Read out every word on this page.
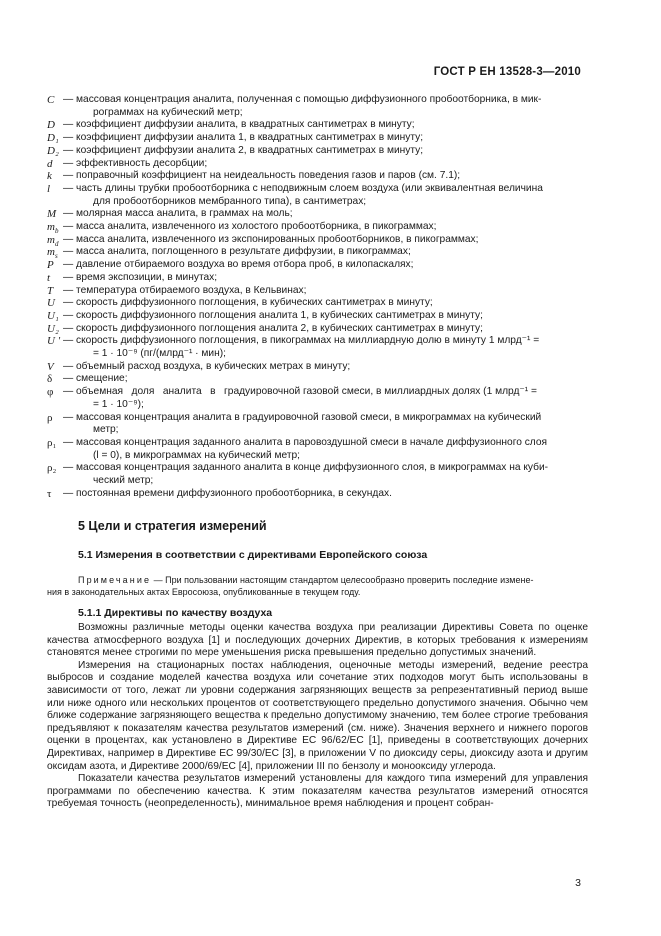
ГОСТ Р ЕН 13528-3—2010
C — массовая концентрация аналита, полученная с помощью диффузионного пробоотборника, в мик-
рограммах на кубический метр;
D — коэффициент диффузии аналита, в квадратных сантиметрах в минуту;
D₁ — коэффициент диффузии аналита 1, в квадратных сантиметрах в минуту;
D₂ — коэффициент диффузии аналита 2, в квадратных сантиметрах в минуту;
d — эффективность десорбции;
k — поправочный коэффициент на неидеальность поведения газов и паров (см. 7.1);
l — часть длины трубки пробоотборника с неподвижным слоем воздуха (или эквивалентная величина
для пробоотборников мембранного типа), в сантиметрах;
M — молярная масса аналита, в граммах на моль;
$m_b$ — масса аналита, извлеченного из холостого пробоотборника, в пикограммах;
$m_d$ — масса аналита, извлеченного из экспонированных пробоотборников, в пикограммах;
$m_s$ — масса аналита, поглощенного в результате диффузии, в пикограммах;
P — давление отбираемого воздуха во время отбора проб, в килопаскалях;
t — время экспозиции, в минутах;
T — температура отбираемого воздуха, в Кельвинах;
U — скорость диффузионного поглощения, в кубических сантиметрах в минуту;
U₁ — скорость диффузионного поглощения аналита 1, в кубических сантиметрах в минуту;
U₂ — скорость диффузионного поглощения аналита 2, в кубических сантиметрах в минуту;
U ′ — скорость диффузионного поглощения, в пикограммах на миллиардную долю в минуту 1 млрд⁻¹ =
= 1 · 10⁻⁹ (пг/(млрд⁻¹ · мин);
V — объемный расход воздуха, в кубических метрах в минуту;
δ — смещение;
φ — объемная   доля   аналита   в   градуировочной газовой смеси, в миллиардных долях (1 млрд⁻¹ =
= 1 · 10⁻⁹);
ρ — массовая концентрация аналита в градуировочной газовой смеси, в микрограммах на кубический
метр;
ρ₁ — массовая концентрация заданного аналита в паровоздушной смеси в начале диффузионного слоя
(l = 0), в микрограммах на кубический метр;
ρ₂ — массовая концентрация заданного аналита в конце диффузионного слоя, в микрограммах на куби-
ческий метр;
τ — постоянная времени диффузионного пробоотборника, в секундах.
5 Цели и стратегия измерений
5.1 Измерения в соответствии с директивами Европейского союза
Примечание — При пользовании настоящим стандартом целесообразно проверить последние измене-
ния в законодательных актах Евросоюза, опубликованные в текущем году.
5.1.1 Директивы по качеству воздуха

Возможны различные методы оценки качества воздуха при реализации Директивы Совета по оценке качества атмосферного воздуха [1] и последующих дочерних Директив, в которых требования к измерениям становятся менее строгими по мере уменьшения риска превышения предельно допустимых значений.

Измерения на стационарных постах наблюдения, оценочные методы измерений, ведение реестра выбросов и создание моделей качества воздуха или сочетание этих подходов могут быть использованы в зависимости от того, лежат ли уровни содержания загрязняющих веществ за репрезентативный период выше или ниже одного или нескольких процентов от соответствующего предельно допустимого значения. Обычно чем ближе содержание загрязняющего вещества к предельно допустимому значению, тем более строгие требования предъявляют к показателям качества результатов измерений (см. ниже). Значения верхнего и нижнего порогов оценки в процентах, как установлено в Директиве ЕС 96/62/ЕС [1], приведены в соответствующих дочерних Директивах, например в Директиве ЕС 99/30/ЕС [3], в приложении V по диоксиду серы, диоксиду азота и другим оксидам азота, и Директиве 2000/69/ЕС [4], приложении III по бензолу и монооксиду углерода.

Показатели качества результатов измерений установлены для каждого типа измерений для управления программами по обеспечению качества. К этим показателям качества результатов измерений относятся требуемая точность (неопределенность), минимальное время наблюдения и процент собран-

3
